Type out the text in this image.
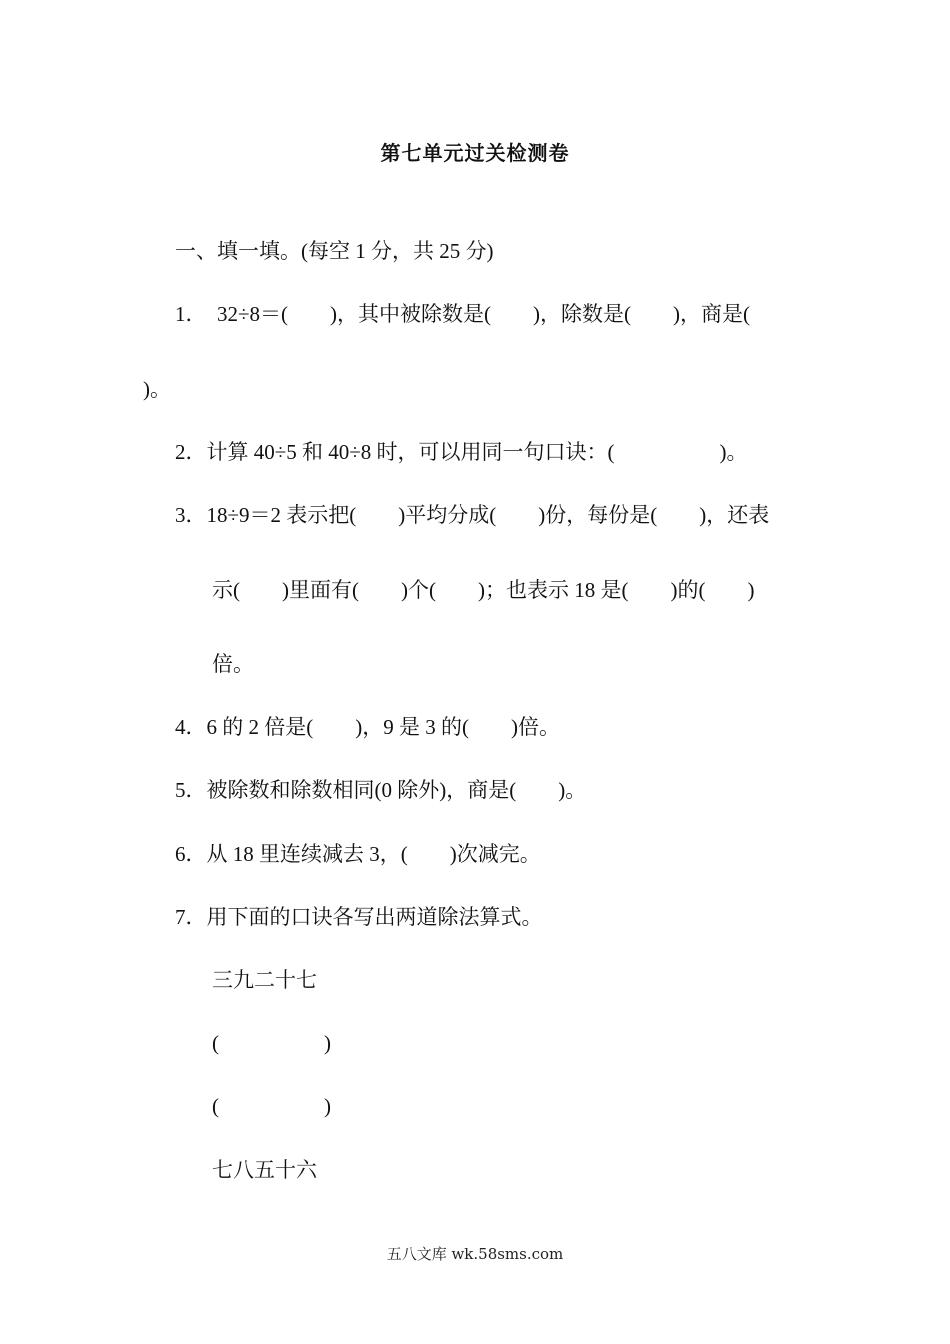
第七单元过关检测卷
一、填一填。(每空 1 分，共 25 分)
1．  32÷8＝(        )，其中被除数是(        )，除数是(        )，商是(
)。
2．计算 40÷5 和 40÷8 时，可以用同一句口诀：(                    )。
3．18÷9＝2 表示把(        )平均分成(        )份，每份是(        )，还表
示(        )里面有(        )个(        )；也表示 18 是(        )的(        )
倍。
4．6 的 2 倍是(        )，9 是 3 的(        )倍。
5．被除数和除数相同(0 除外)，商是(        )。
6．从 18 里连续减去 3，(        )次减完。
7．用下面的口诀各写出两道除法算式。
三九二十七
(                    )
(                    )
七八五十六
五八文库 wk.58sms.com
